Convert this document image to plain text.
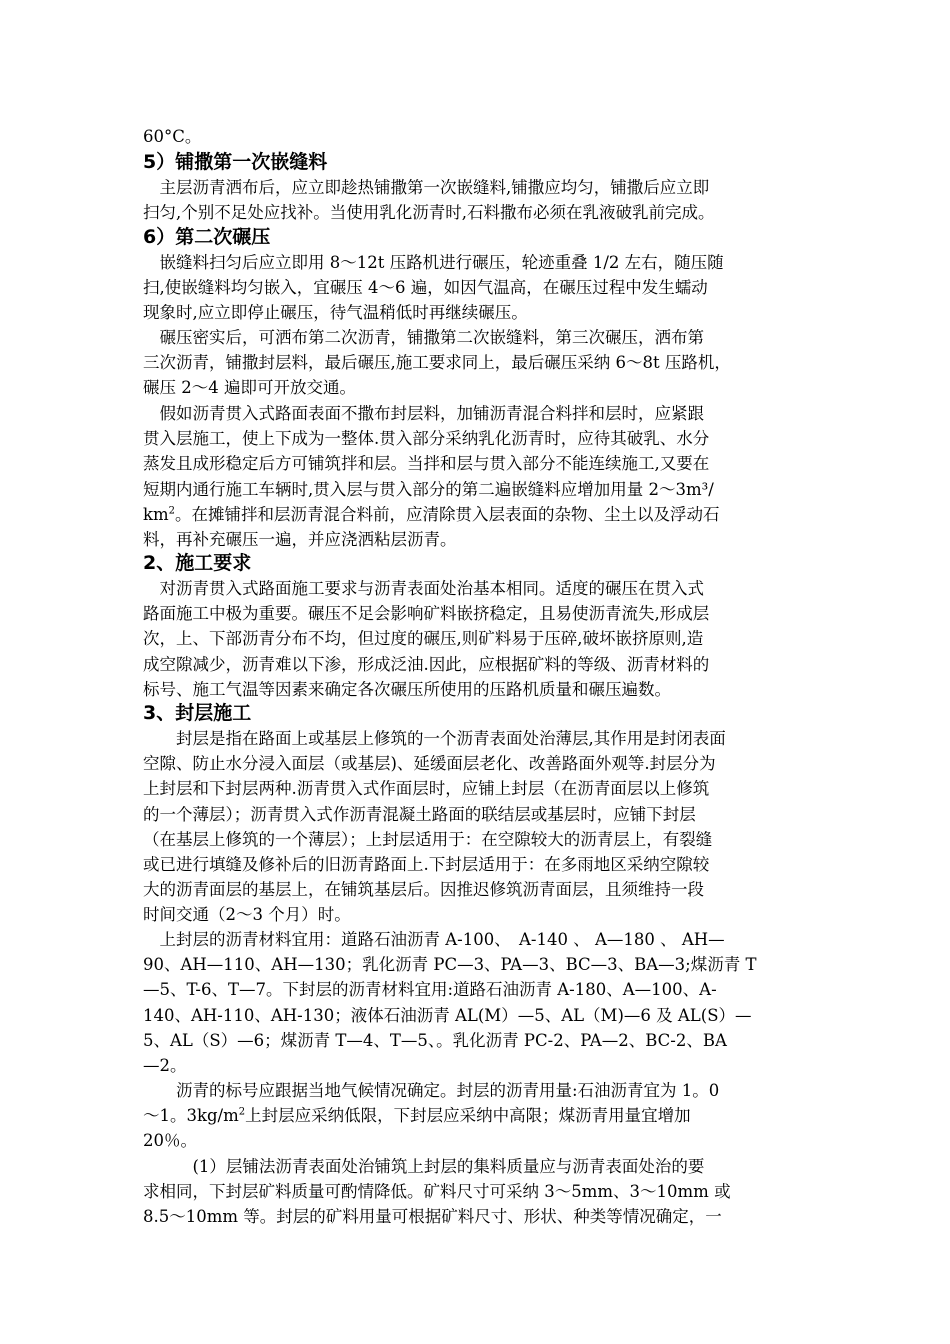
60°C。

5）铺撒第一次嵌缝料

　主层沥青洒布后，应立即趁热铺撒第一次嵌缝料,铺撒应均匀，铺撒后应立即
扫匀,个别不足处应找补。当使用乳化沥青时,石料撒布必须在乳液破乳前完成。

6）第二次碾压

　嵌缝料扫匀后应立即用 8～12t 压路机进行碾压，轮迹重叠 1/2 左右，随压随
扫,使嵌缝料均匀嵌入，宜碾压 4～6 遍，如因气温高，在碾压过程中发生蠕动
现象时,应立即停止碾压，待气温稍低时再继续碾压。

　碾压密实后，可洒布第二次沥青，铺撒第二次嵌缝料，第三次碾压，洒布第
三次沥青，铺撒封层料，最后碾压,施工要求同上，最后碾压采纳 6～8t 压路机，
碾压 2～4 遍即可开放交通。

　假如沥青贯入式路面表面不撒布封层料，加铺沥青混合料拌和层时，应紧跟
贯入层施工，使上下成为一整体.贯入部分采纳乳化沥青时，应待其破乳、水分
蒸发且成形稳定后方可铺筑拌和层。当拌和层与贯入部分不能连续施工,又要在
短期内通行施工车辆时,贯入层与贯入部分的第二遍嵌缝料应增加用量 2～3m³/
$km^2$。在摊铺拌和层沥青混合料前，应清除贯入层表面的杂物、尘土以及浮动石
料，再补充碾压一遍，并应浇洒粘层沥青。

2、施工要求

　对沥青贯入式路面施工要求与沥青表面处治基本相同。适度的碾压在贯入式
路面施工中极为重要。碾压不足会影响矿料嵌挤稳定，且易使沥青流失,形成层
次，上、下部沥青分布不均，但过度的碾压,则矿料易于压碎,破坏嵌挤原则,造
成空隙减少，沥青难以下渗，形成泛油.因此，应根据矿料的等级、沥青材料的
标号、施工气温等因素来确定各次碾压所使用的压路机质量和碾压遍数。

3、封层施工

　　封层是指在路面上或基层上修筑的一个沥青表面处治薄层,其作用是封闭表面
空隙、防止水分浸入面层（或基层)、延缓面层老化、改善路面外观等.封层分为
上封层和下封层两种.沥青贯入式作面层时，应铺上封层（在沥青面层以上修筑
的一个薄层）；沥青贯入式作沥青混凝土路面的联结层或基层时，应铺下封层
（在基层上修筑的一个薄层）；上封层适用于：在空隙较大的沥青层上，有裂缝
或已进行填缝及修补后的旧沥青路面上.下封层适用于：在多雨地区采纳空隙较
大的沥青面层的基层上，在铺筑基层后。因推迟修筑沥青面层，且须维持一段
时间交通（2～3 个月）时。

　上封层的沥青材料宜用：道路石油沥青 A-100、　A-140 、 A—180 、 AH—
90、AH—110、AH—130；乳化沥青 PC—3、PA—3、BC—3、BA—3;煤沥青 T
—5、T-6、T—7。下封层的沥青材料宜用:道路石油沥青 A-180、A—100、A-
140、AH-110、AH-130；液体石油沥青 AL(M）—5、AL（M)—6 及 AL(S）—
5、AL（S）—6；煤沥青 T—4、T—5、。乳化沥青 PC-2、PA—2、BC-2、BA
—2。

　　沥青的标号应跟据当地气候情况确定。封层的沥青用量:石油沥青宜为 1。0
～1。$3kg/m^2$上封层应采纳低限，下封层应采纳中高限；煤沥青用量宜增加
20％。

　　　(1）层铺法沥青表面处治铺筑上封层的集料质量应与沥青表面处治的要
求相同，下封层矿料质量可酌情降低。矿料尺寸可采纳 3～5mm、3～10mm 或
8.5～10mm 等。封层的矿料用量可根据矿料尺寸、形状、种类等情况确定，一
